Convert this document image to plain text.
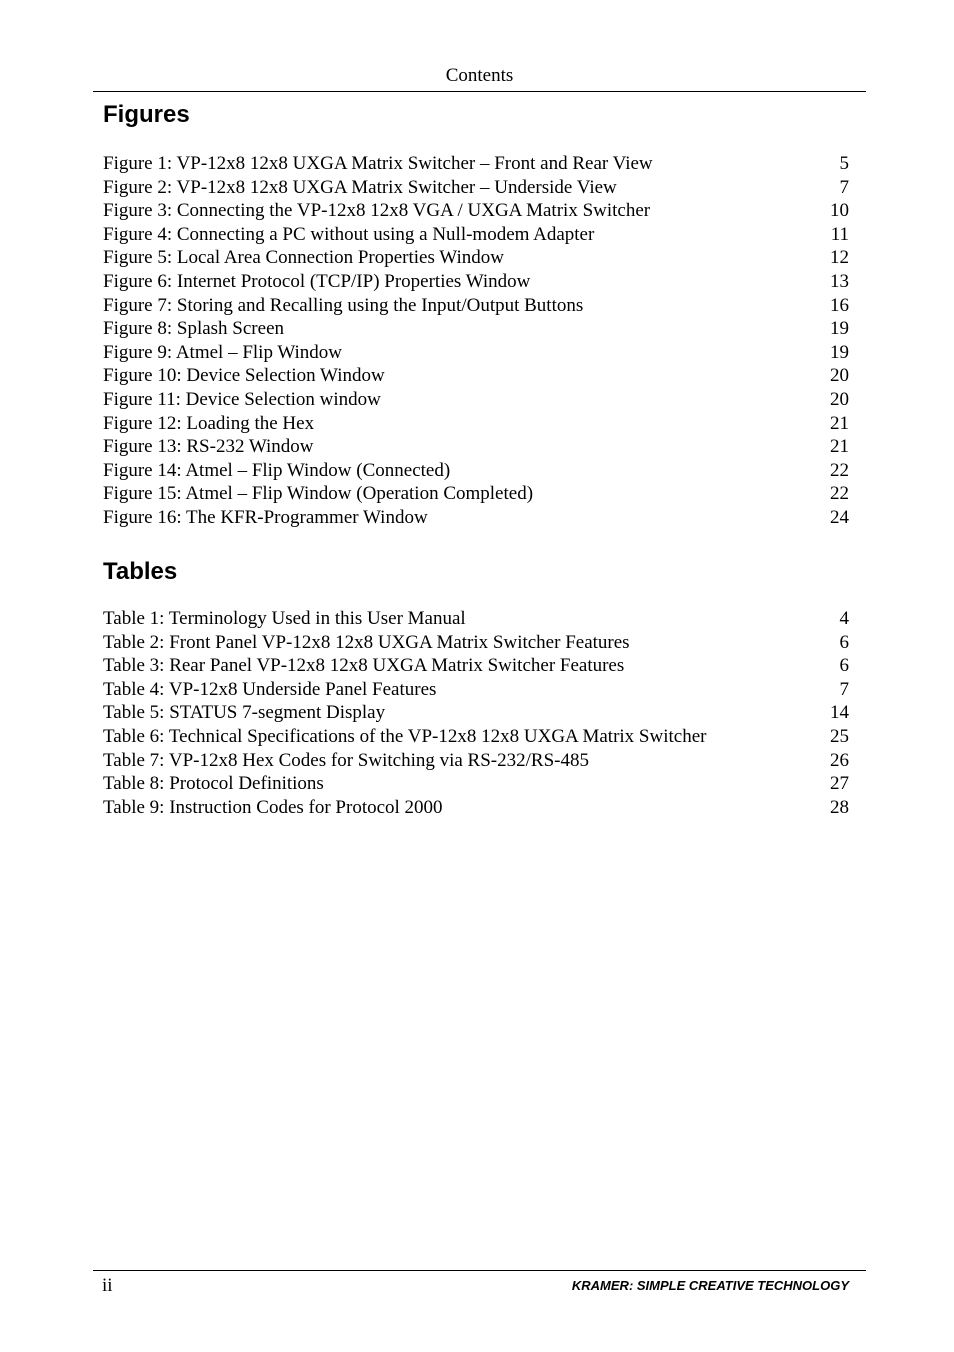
Contents
Figures
Figure 1: VP-12x8 12x8 UXGA Matrix Switcher – Front and Rear View	5
Figure 2: VP-12x8 12x8 UXGA Matrix Switcher – Underside View	7
Figure 3: Connecting the VP-12x8 12x8 VGA / UXGA Matrix Switcher	10
Figure 4: Connecting a PC without using a Null-modem Adapter	11
Figure 5: Local Area Connection Properties Window	12
Figure 6: Internet Protocol (TCP/IP) Properties Window	13
Figure 7: Storing and Recalling using the Input/Output Buttons	16
Figure 8: Splash Screen	19
Figure 9: Atmel – Flip Window	19
Figure 10: Device Selection Window	20
Figure 11: Device Selection window	20
Figure 12: Loading the Hex	21
Figure 13: RS-232 Window	21
Figure 14: Atmel – Flip Window (Connected)	22
Figure 15: Atmel – Flip Window (Operation Completed)	22
Figure 16: The KFR-Programmer Window	24
Tables
Table 1: Terminology Used in this User Manual	4
Table 2: Front Panel VP-12x8 12x8 UXGA Matrix Switcher Features	6
Table 3: Rear Panel VP-12x8 12x8 UXGA Matrix Switcher Features	6
Table 4: VP-12x8 Underside Panel Features	7
Table 5: STATUS 7-segment Display	14
Table 6: Technical Specifications of the VP-12x8 12x8 UXGA Matrix Switcher	25
Table 7: VP-12x8 Hex Codes for Switching via RS-232/RS-485	26
Table 8: Protocol Definitions	27
Table 9: Instruction Codes for Protocol 2000	28
ii	KRAMER: SIMPLE CREATIVE TECHNOLOGY
